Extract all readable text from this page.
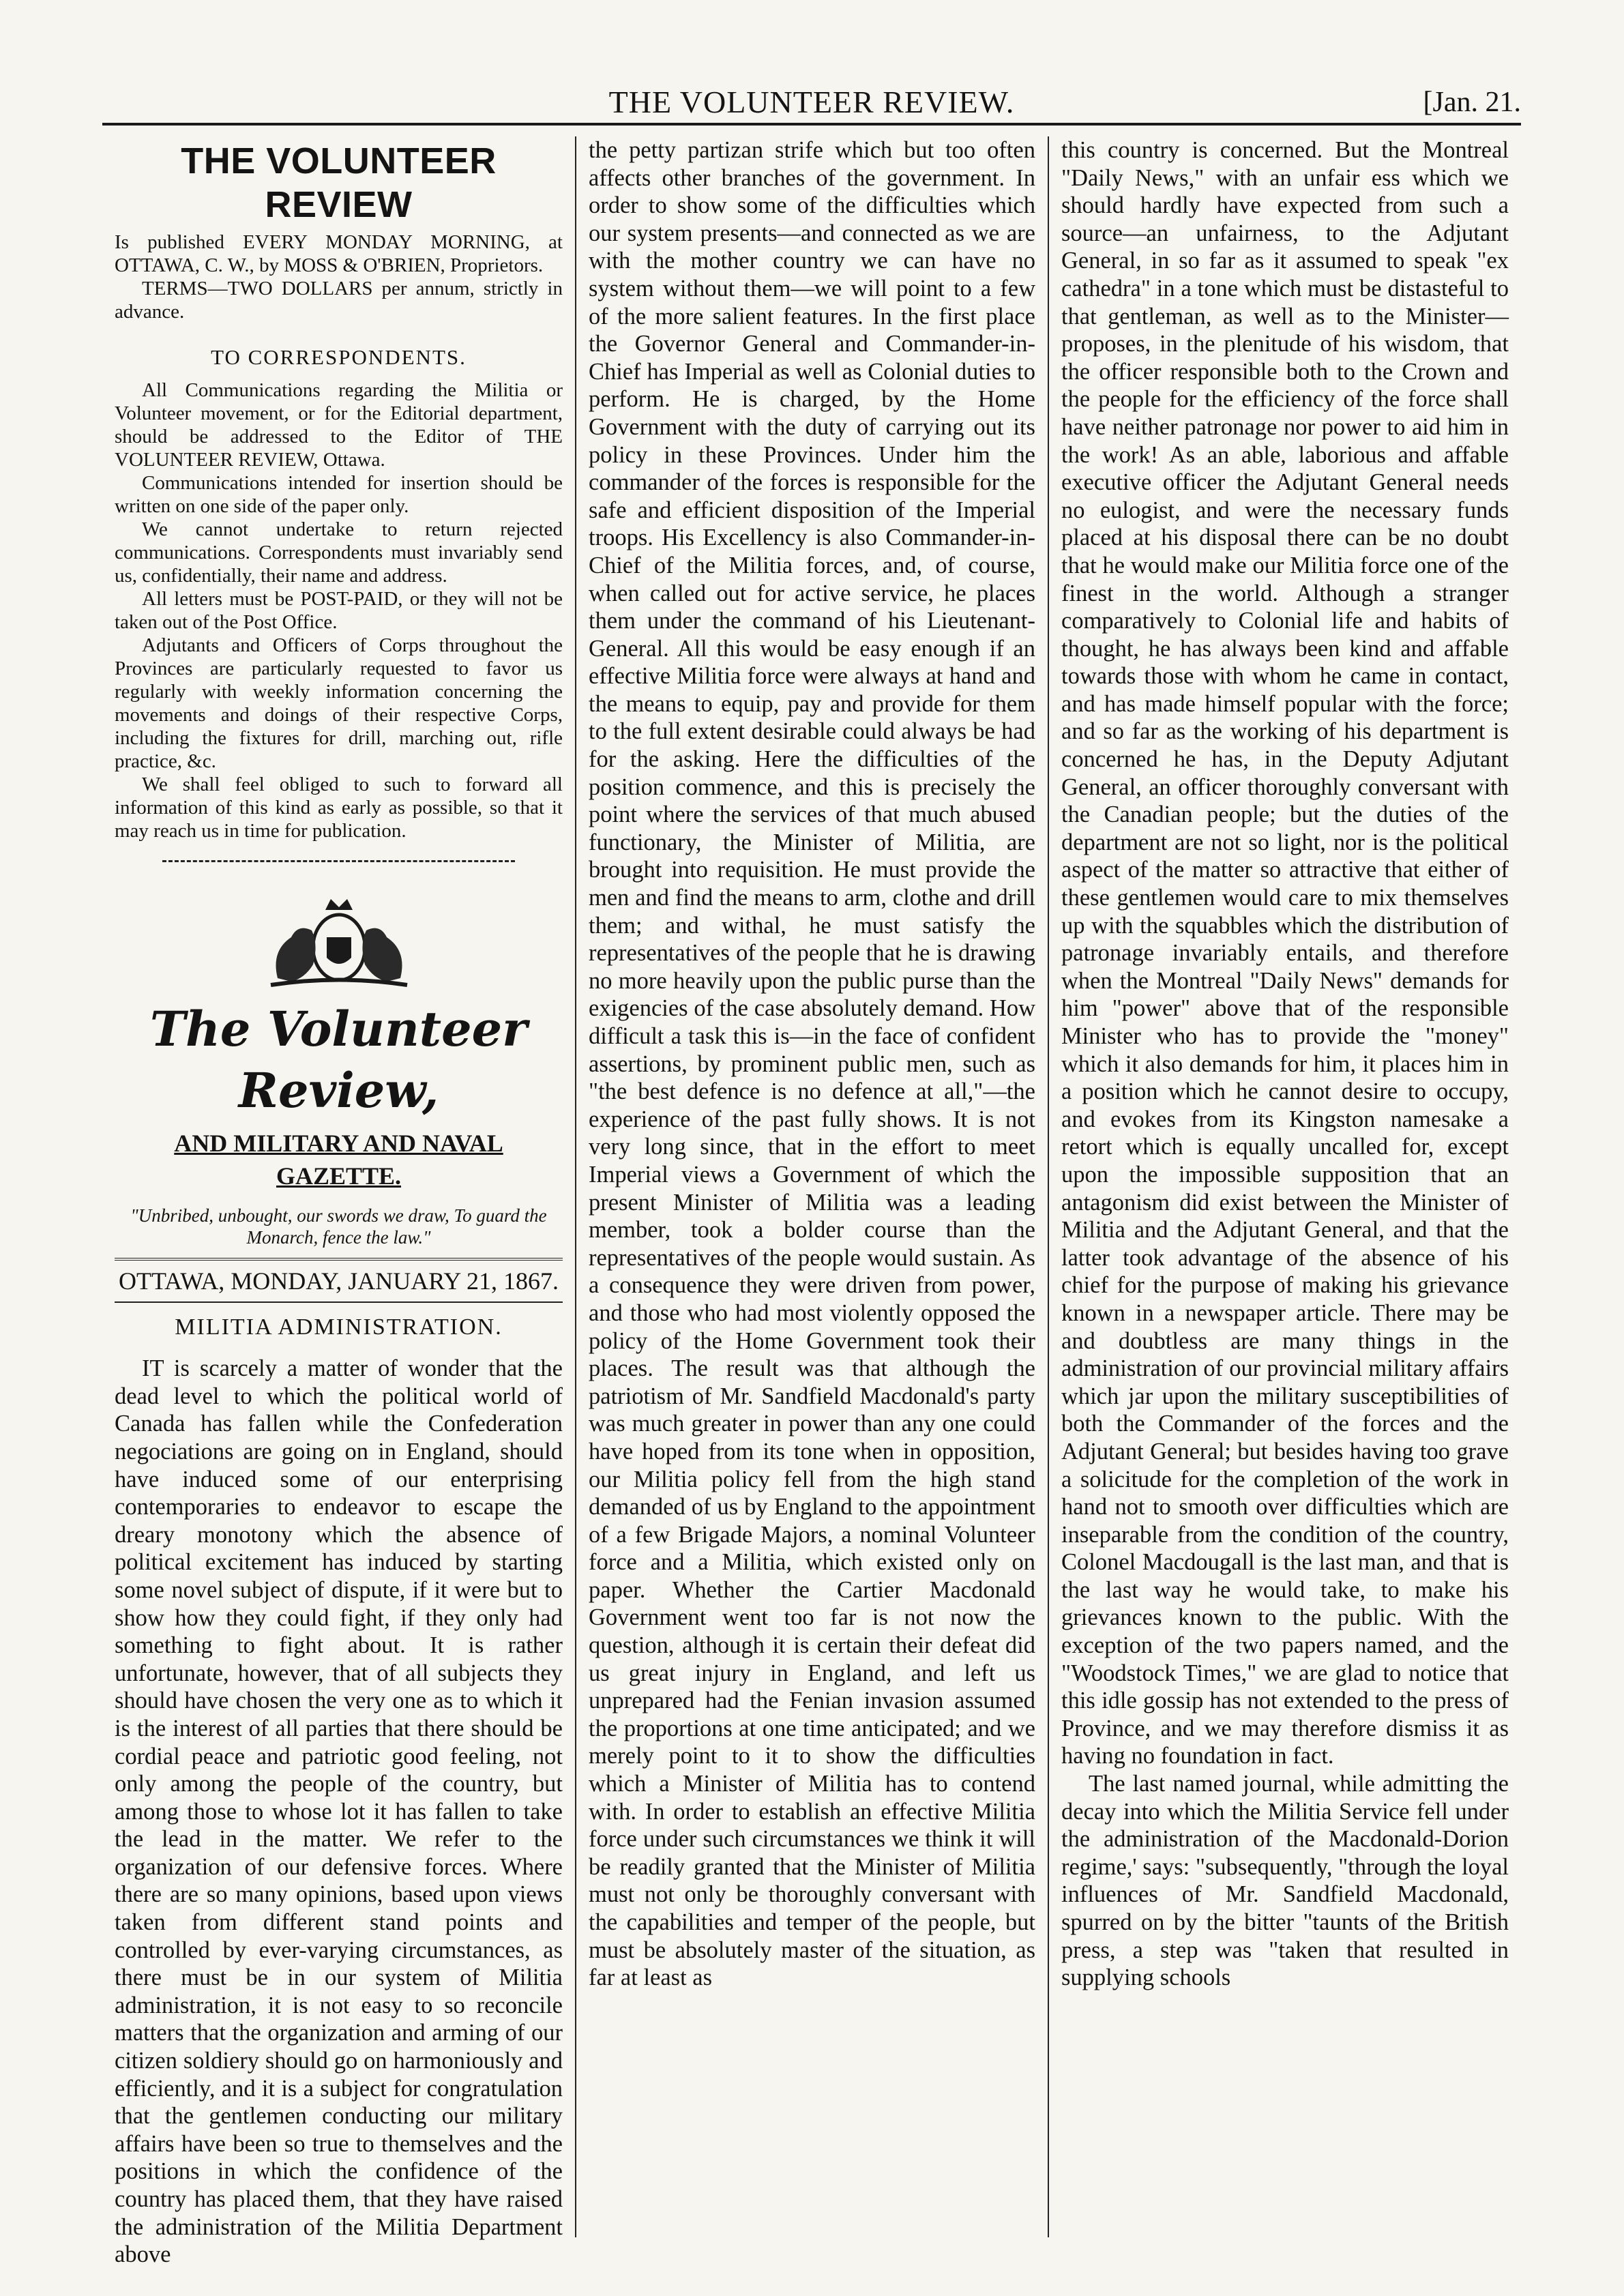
THE VOLUNTEER REVIEW.	[Jan. 21.
THE VOLUNTEER REVIEW

Is published EVERY MONDAY MORNING, at OTTAWA, C. W., by MOSS & O'BRIEN, Proprietors.

TERMS—TWO DOLLARS per annum, strictly in advance.

TO CORRESPONDENTS.

All Communications regarding the Militia or Volunteer movement, or for the Editorial department, should be addressed to the Editor of THE VOLUNTEER REVIEW, Ottawa.

Communications intended for insertion should be written on one side of the paper only.

We cannot undertake to return rejected communications. Correspondents must invariably send us, confidentially, their name and address.

All letters must be POST-PAID, or they will not be taken out of the Post Office.

Adjutants and Officers of Corps throughout the Provinces are particularly requested to favor us regularly with weekly information concerning the movements and doings of their respective Corps, including the fixtures for drill, marching out, rifle practice, &c.

We shall feel obliged to such to forward all information of this kind as early as possible, so that it may reach us in time for publication.

The Volunteer Review,
AND MILITARY AND NAVAL GAZETTE.
"Unbribed, unbought, our swords we draw, To guard the Monarch, fence the law."
OTTAWA, MONDAY, JANUARY 21, 1867.
MILITIA ADMINISTRATION.

IT is scarcely a matter of wonder that the dead level to which the political world of Canada has fallen while the Confederation negociations are going on in England, should have induced some of our enterprising contemporaries to endeavor to escape the dreary monotony which the absence of political excitement has induced by starting some novel subject of dispute, if it were but to show how they could fight, if they only had something to fight about. It is rather unfortunate, however, that of all subjects they should have chosen the very one as to which it is the interest of all parties that there should be cordial peace and patriotic good feeling, not only among the people of the country, but among those to whose lot it has fallen to take the lead in the matter. We refer to the organization of our defensive forces. Where there are so many opinions, based upon views taken from different stand points and controlled by ever-varying circumstances, as there must be in our system of Militia administration, it is not easy to so reconcile matters that the organization and arming of our citizen soldiery should go on harmoniously and efficiently, and it is a subject for congratulation that the gentlemen conducting our military affairs have been so true to themselves and the positions in which the confidence of the country has placed them, that they have raised the administration of the Militia Department above

the petty partizan strife which but too often affects other branches of the government. In order to show some of the difficulties which our system presents—and connected as we are with the mother country we can have no system without them—we will point to a few of the more salient features. In the first place the Governor General and Commander-in-Chief has Imperial as well as Colonial duties to perform. He is charged, by the Home Government with the duty of carrying out its policy in these Provinces. Under him the commander of the forces is responsible for the safe and efficient disposition of the Imperial troops. His Excellency is also Commander-in-Chief of the Militia forces, and, of course, when called out for active service, he places them under the command of his Lieutenant-General. All this would be easy enough if an effective Militia force were always at hand and the means to equip, pay and provide for them to the full extent desirable could always be had for the asking. Here the difficulties of the position commence, and this is precisely the point where the services of that much abused functionary, the Minister of Militia, are brought into requisition. He must provide the men and find the means to arm, clothe and drill them; and withal, he must satisfy the representatives of the people that he is drawing no more heavily upon the public purse than the exigencies of the case absolutely demand. How difficult a task this is—in the face of confident assertions, by prominent public men, such as "the best defence is no defence at all,"—the experience of the past fully shows. It is not very long since, that in the effort to meet Imperial views a Government of which the present Minister of Militia was a leading member, took a bolder course than the representatives of the people would sustain. As a consequence they were driven from power, and those who had most violently opposed the policy of the Home Government took their places. The result was that although the patriotism of Mr. Sandfield Macdonald's party was much greater in power than any one could have hoped from its tone when in opposition, our Militia policy fell from the high stand demanded of us by England to the appointment of a few Brigade Majors, a nominal Volunteer force and a Militia, which existed only on paper. Whether the Cartier Macdonald Government went too far is not now the question, although it is certain their defeat did us great injury in England, and left us unprepared had the Fenian invasion assumed the proportions at one time anticipated; and we merely point to it to show the difficulties which a Minister of Militia has to contend with. In order to establish an effective Militia force under such circumstances we think it will be readily granted that the Minister of Militia must not only be thoroughly conversant with the capabilities and temper of the people, but must be absolutely master of the situation, as far at least as

this country is concerned. But the Montreal "Daily News," with an unfair ess which we should hardly have expected from such a source—an unfairness, to the Adjutant General, in so far as it assumed to speak "ex cathedra" in a tone which must be distasteful to that gentleman, as well as to the Minister—proposes, in the plenitude of his wisdom, that the officer responsible both to the Crown and the people for the efficiency of the force shall have neither patronage nor power to aid him in the work! As an able, laborious and affable executive officer the Adjutant General needs no eulogist, and were the necessary funds placed at his disposal there can be no doubt that he would make our Militia force one of the finest in the world. Although a stranger comparatively to Colonial life and habits of thought, he has always been kind and affable towards those with whom he came in contact, and has made himself popular with the force; and so far as the working of his department is concerned he has, in the Deputy Adjutant General, an officer thoroughly conversant with the Canadian people; but the duties of the department are not so light, nor is the political aspect of the matter so attractive that either of these gentlemen would care to mix themselves up with the squabbles which the distribution of patronage invariably entails, and therefore when the Montreal "Daily News" demands for him "power" above that of the responsible Minister who has to provide the "money" which it also demands for him, it places him in a position which he cannot desire to occupy, and evokes from its Kingston namesake a retort which is equally uncalled for, except upon the impossible supposition that an antagonism did exist between the Minister of Militia and the Adjutant General, and that the latter took advantage of the absence of his chief for the purpose of making his grievance known in a newspaper article. There may be and doubtless are many things in the administration of our provincial military affairs which jar upon the military susceptibilities of both the Commander of the forces and the Adjutant General; but besides having too grave a solicitude for the completion of the work in hand not to smooth over difficulties which are inseparable from the condition of the country, Colonel Macdougall is the last man, and that is the last way he would take, to make his grievances known to the public. With the exception of the two papers named, and the "Woodstock Times," we are glad to notice that this idle gossip has not extended to the press of Province, and we may therefore dismiss it as having no foundation in fact.

The last named journal, while admitting the decay into which the Militia Service fell under the administration of the Macdonald-Dorion regime,' says: "subsequently, "through the loyal influences of Mr. Sandfield Macdonald, spurred on by the bitter "taunts of the British press, a step was "taken that resulted in supplying schools
